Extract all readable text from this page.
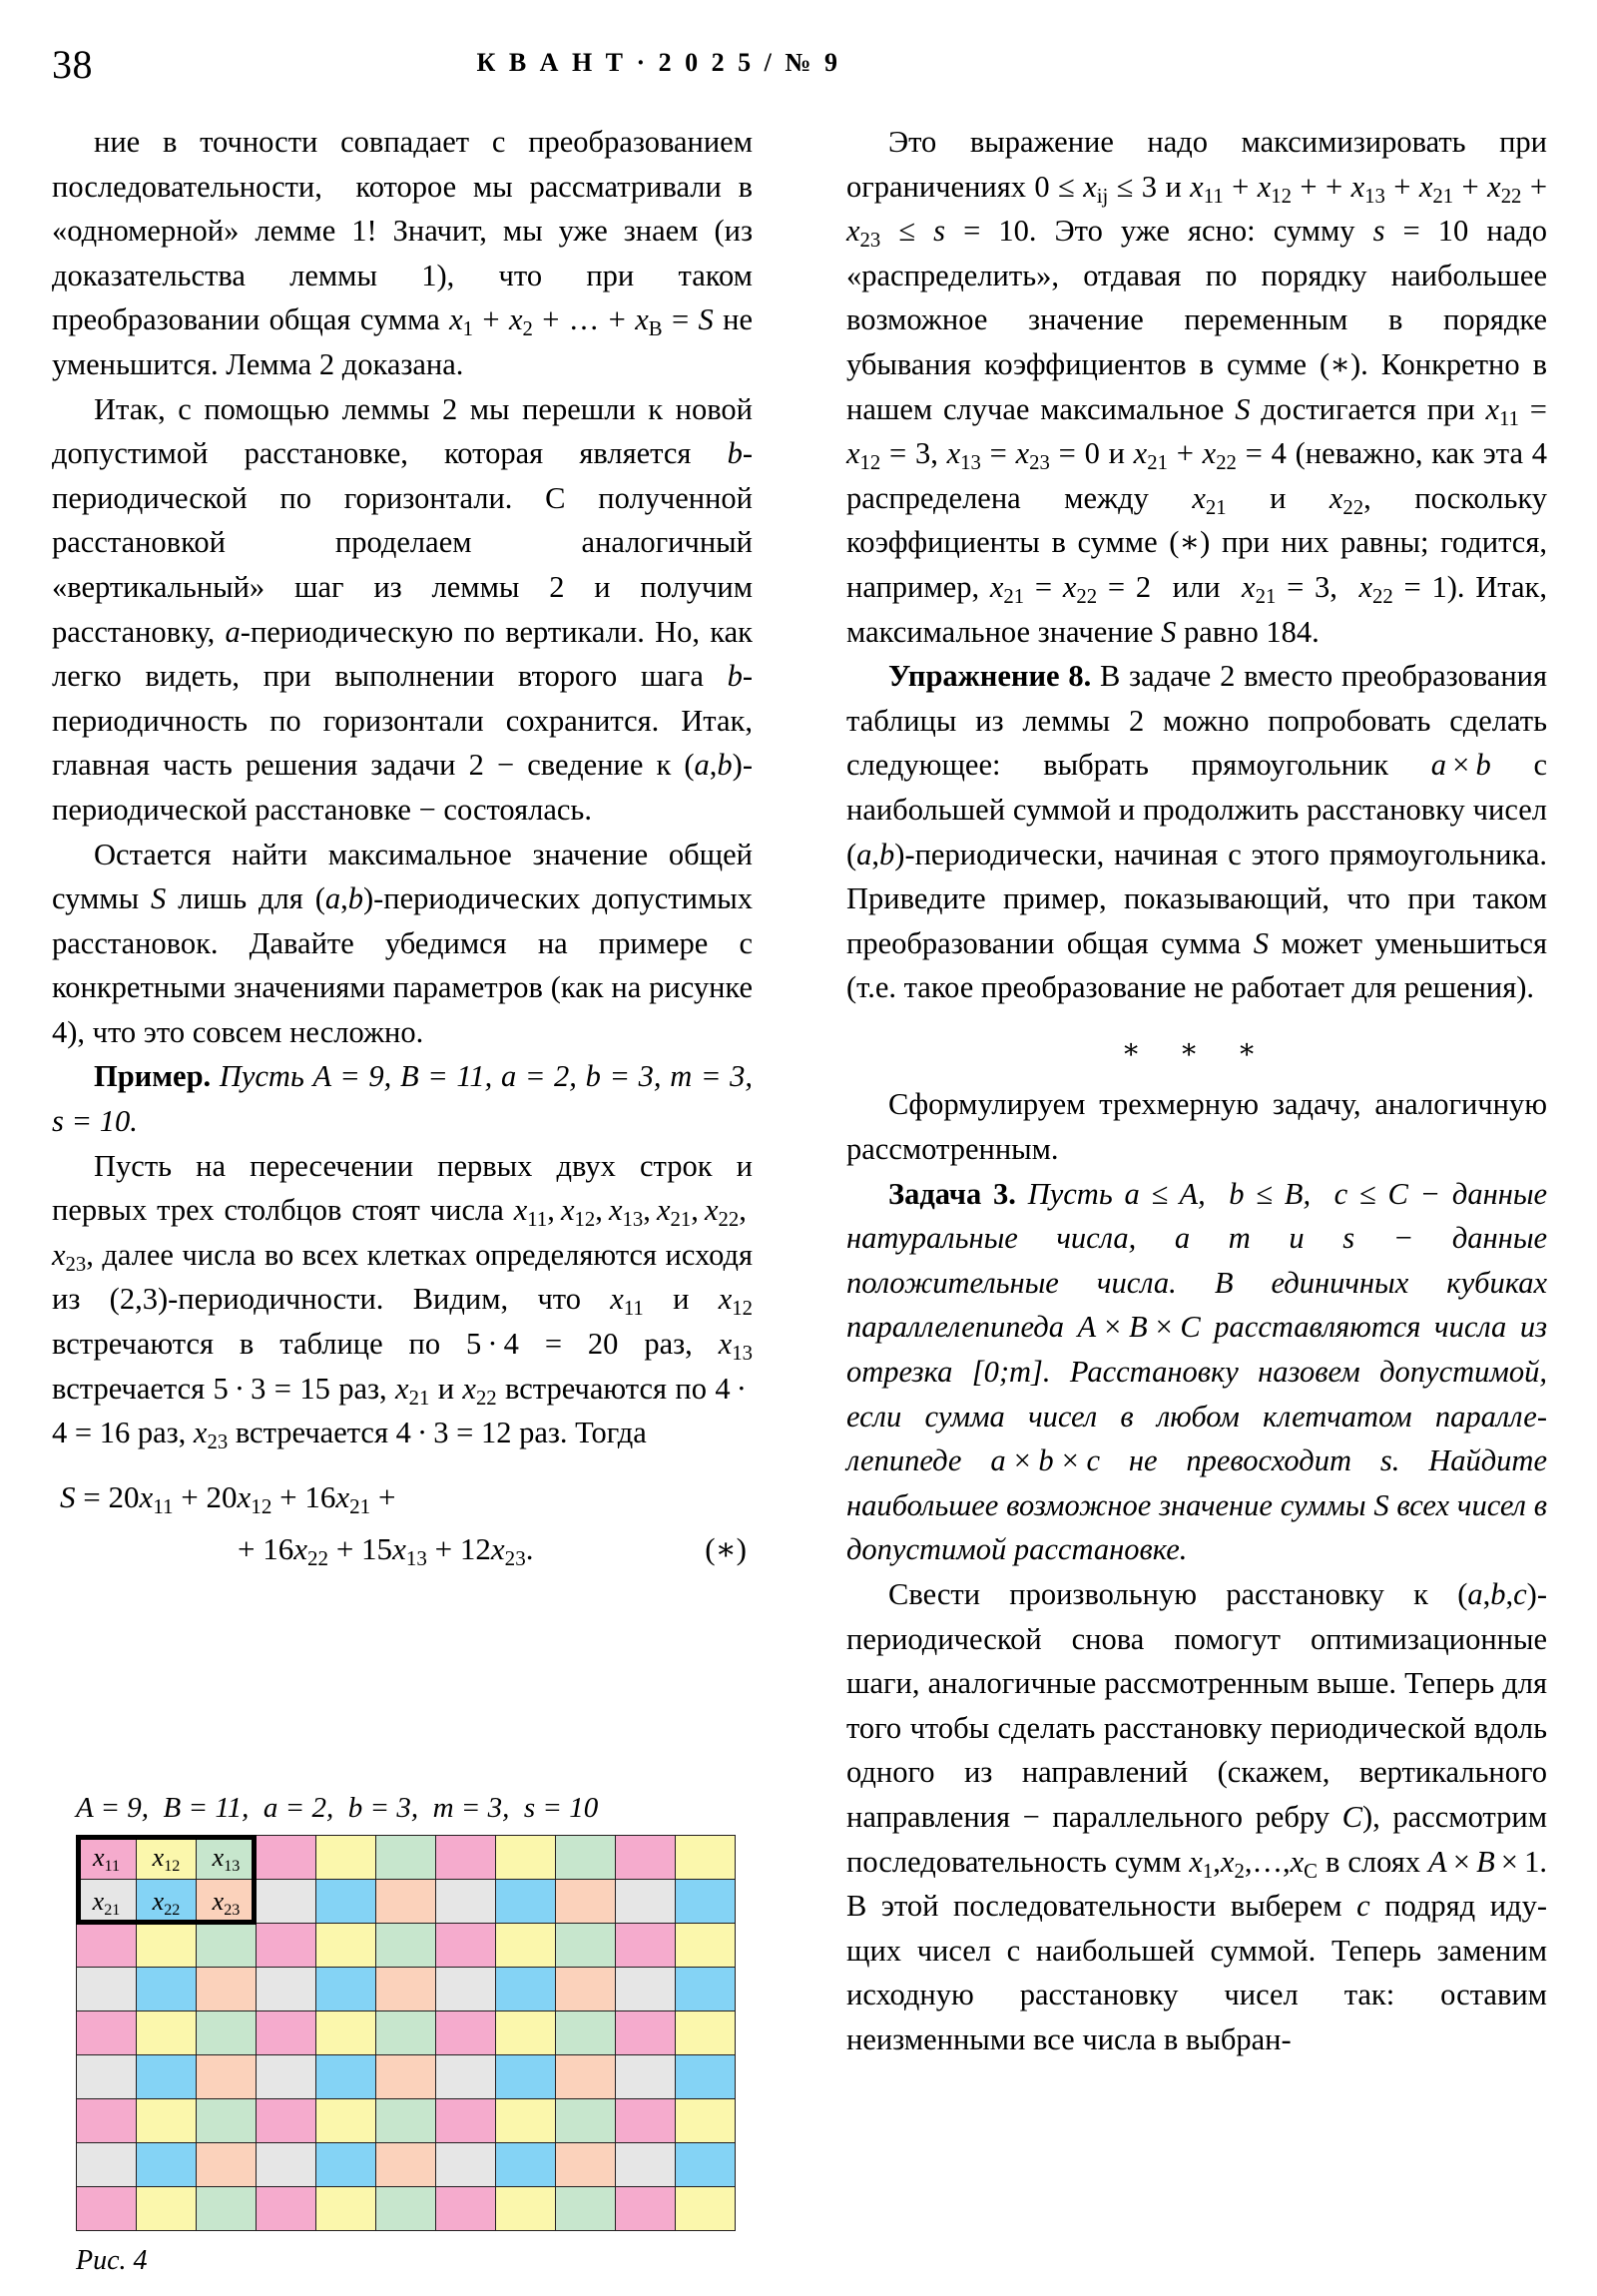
38	К В А Н Т · 2 0 2 5 / № 9

ние в точности совпадает с преобразованием последовательности,  которое мы рассматривали в «одномерной» лемме 1! Значит, мы уже знаем (из доказательства леммы 1), что при таком преобразовании общая сумма $x_1 + x_2$ + … + $x_B = S$ не уменьшится. Лемма 2 доказана.

Итак, с помощью леммы 2 мы перешли к новой допустимой расстановке, которая является b-периодической по горизонтали. С полученной расстановкой проделаем аналогичный «вертикальный» шаг из леммы 2 и получим расстановку, a-периодическую по вертикали. Но, как легко видеть, при выполнении второго шага b-периодичность по горизонтали сохранится. Итак, главная часть решения задачи 2 − сведение к (a,b)-периодической расстановке − состоялась.

Остается найти максимальное значение общей суммы S лишь для (a,b)-периодических допустимых расстановок. Давайте убедимся на примере с конкретными значениями параметров (как на рисунке 4), что это совсем несложно.

Пример. Пусть A = 9, B = 11, a = 2, b = 3, m = 3, s = 10.

Пусть на пересечении первых двух строк и первых трех столбцов стоят числа $x_{11}$, $x_{12}$, $x_{13}$, $x_{21}$, $x_{22}$, $x_{23}$, далее числа во всех клетках определяются исходя из (2,3)-периодичности. Видим, что $x_{11}$ и $x_{12}$ встречаются в таблице по 5 · 4 = 20 раз, $x_{13}$ встречается 5 · 3 = 15 раз, $x_{21}$ и $x_{22}$ встречаются по 4 · 4 = 16 раз, $x_{23}$ встречается 4 · 3 = 12 раз. Тогда

$S = 20x_{11} + 20x_{12} + 16x_{21}$ +
+ $16x_{22} + 15x_{13} + 12x_{23}$.	(∗)

Это выражение надо максимизировать при ограничениях $0 \le x_{ij} \le 3$ и $x_{11} + x_{12}$ + + $x_{13} + x_{21} + x_{22} + x_{23} \le s = 10$. Это уже ясно: сумму s = 10 надо «распределить», отдавая по порядку наибольшее возможное значение переменным в порядке убывания коэффициентов в сумме (∗). Конкретно в нашем случае максимальное S достигается при $x_{11} = x_{12} = 3$, $x_{13} = x_{23} = 0$ и $x_{21} + x_{22} = 4$ (неважно, как эта 4 распределена между $x_{21}$ и $x_{22}$, поскольку коэффициенты в сумме (∗) при них равны; годится, например, $x_{21} = x_{22} = 2$  или  $x_{21} = 3$,  $x_{22} = 1$). Итак, максимальное значение S равно 184.

Упражнение 8. В задаче 2 вместо преобразования таблицы из леммы 2 можно попробовать сделать следующее: выбрать прямоугольник a × b с наибольшей суммой и продолжить расстановку чисел (a,b)-периодически, начиная с этого прямоугольника. Приведите пример, показывающий, что при таком преобразовании общая сумма S может уменьшиться (т.е. такое преобразование не работает для решения).

∗ ∗ ∗

Сформулируем трехмерную задачу, аналогичную рассмотренным.

Задача 3. Пусть a ≤ A,  b ≤ B,  c ≤ C − данные натуральные числа, а m и s − данные положительные числа. В единичных кубиках параллелепипеда A × B × C расставляются числа из отрезка [0;m]. Расстановку назовем допустимой, если сумма чисел в любом клетчатом параллелепипеде a × b × c не превосходит s. Найдите наибольшее возможное значение суммы S всех чисел в допустимой расстановке.

Свести произвольную расстановку к (a,b,c)-периодической снова помогут оптимизационные шаги, аналогичные рассмотренным выше. Теперь для того чтобы сделать расстановку периодической вдоль одного из направлений (скажем, вертикального направления − параллельного ребру C), рассмотрим последовательность сумм $x_1,x_2,\dots,x_C$ в слоях A × B × 1. В этой последовательности выберем c подряд идущих чисел с наибольшей суммой. Теперь заменим исходную расстановку чисел так: оставим неизменными все числа в выбран-

A = 9,  B = 11,  a = 2,  b = 3,  m = 3,  s = 10
$x_{11}$	$x_{12}$	$x_{13}$								
$x_{21}$	$x_{22}$	$x_{23}$								

Рис. 4
